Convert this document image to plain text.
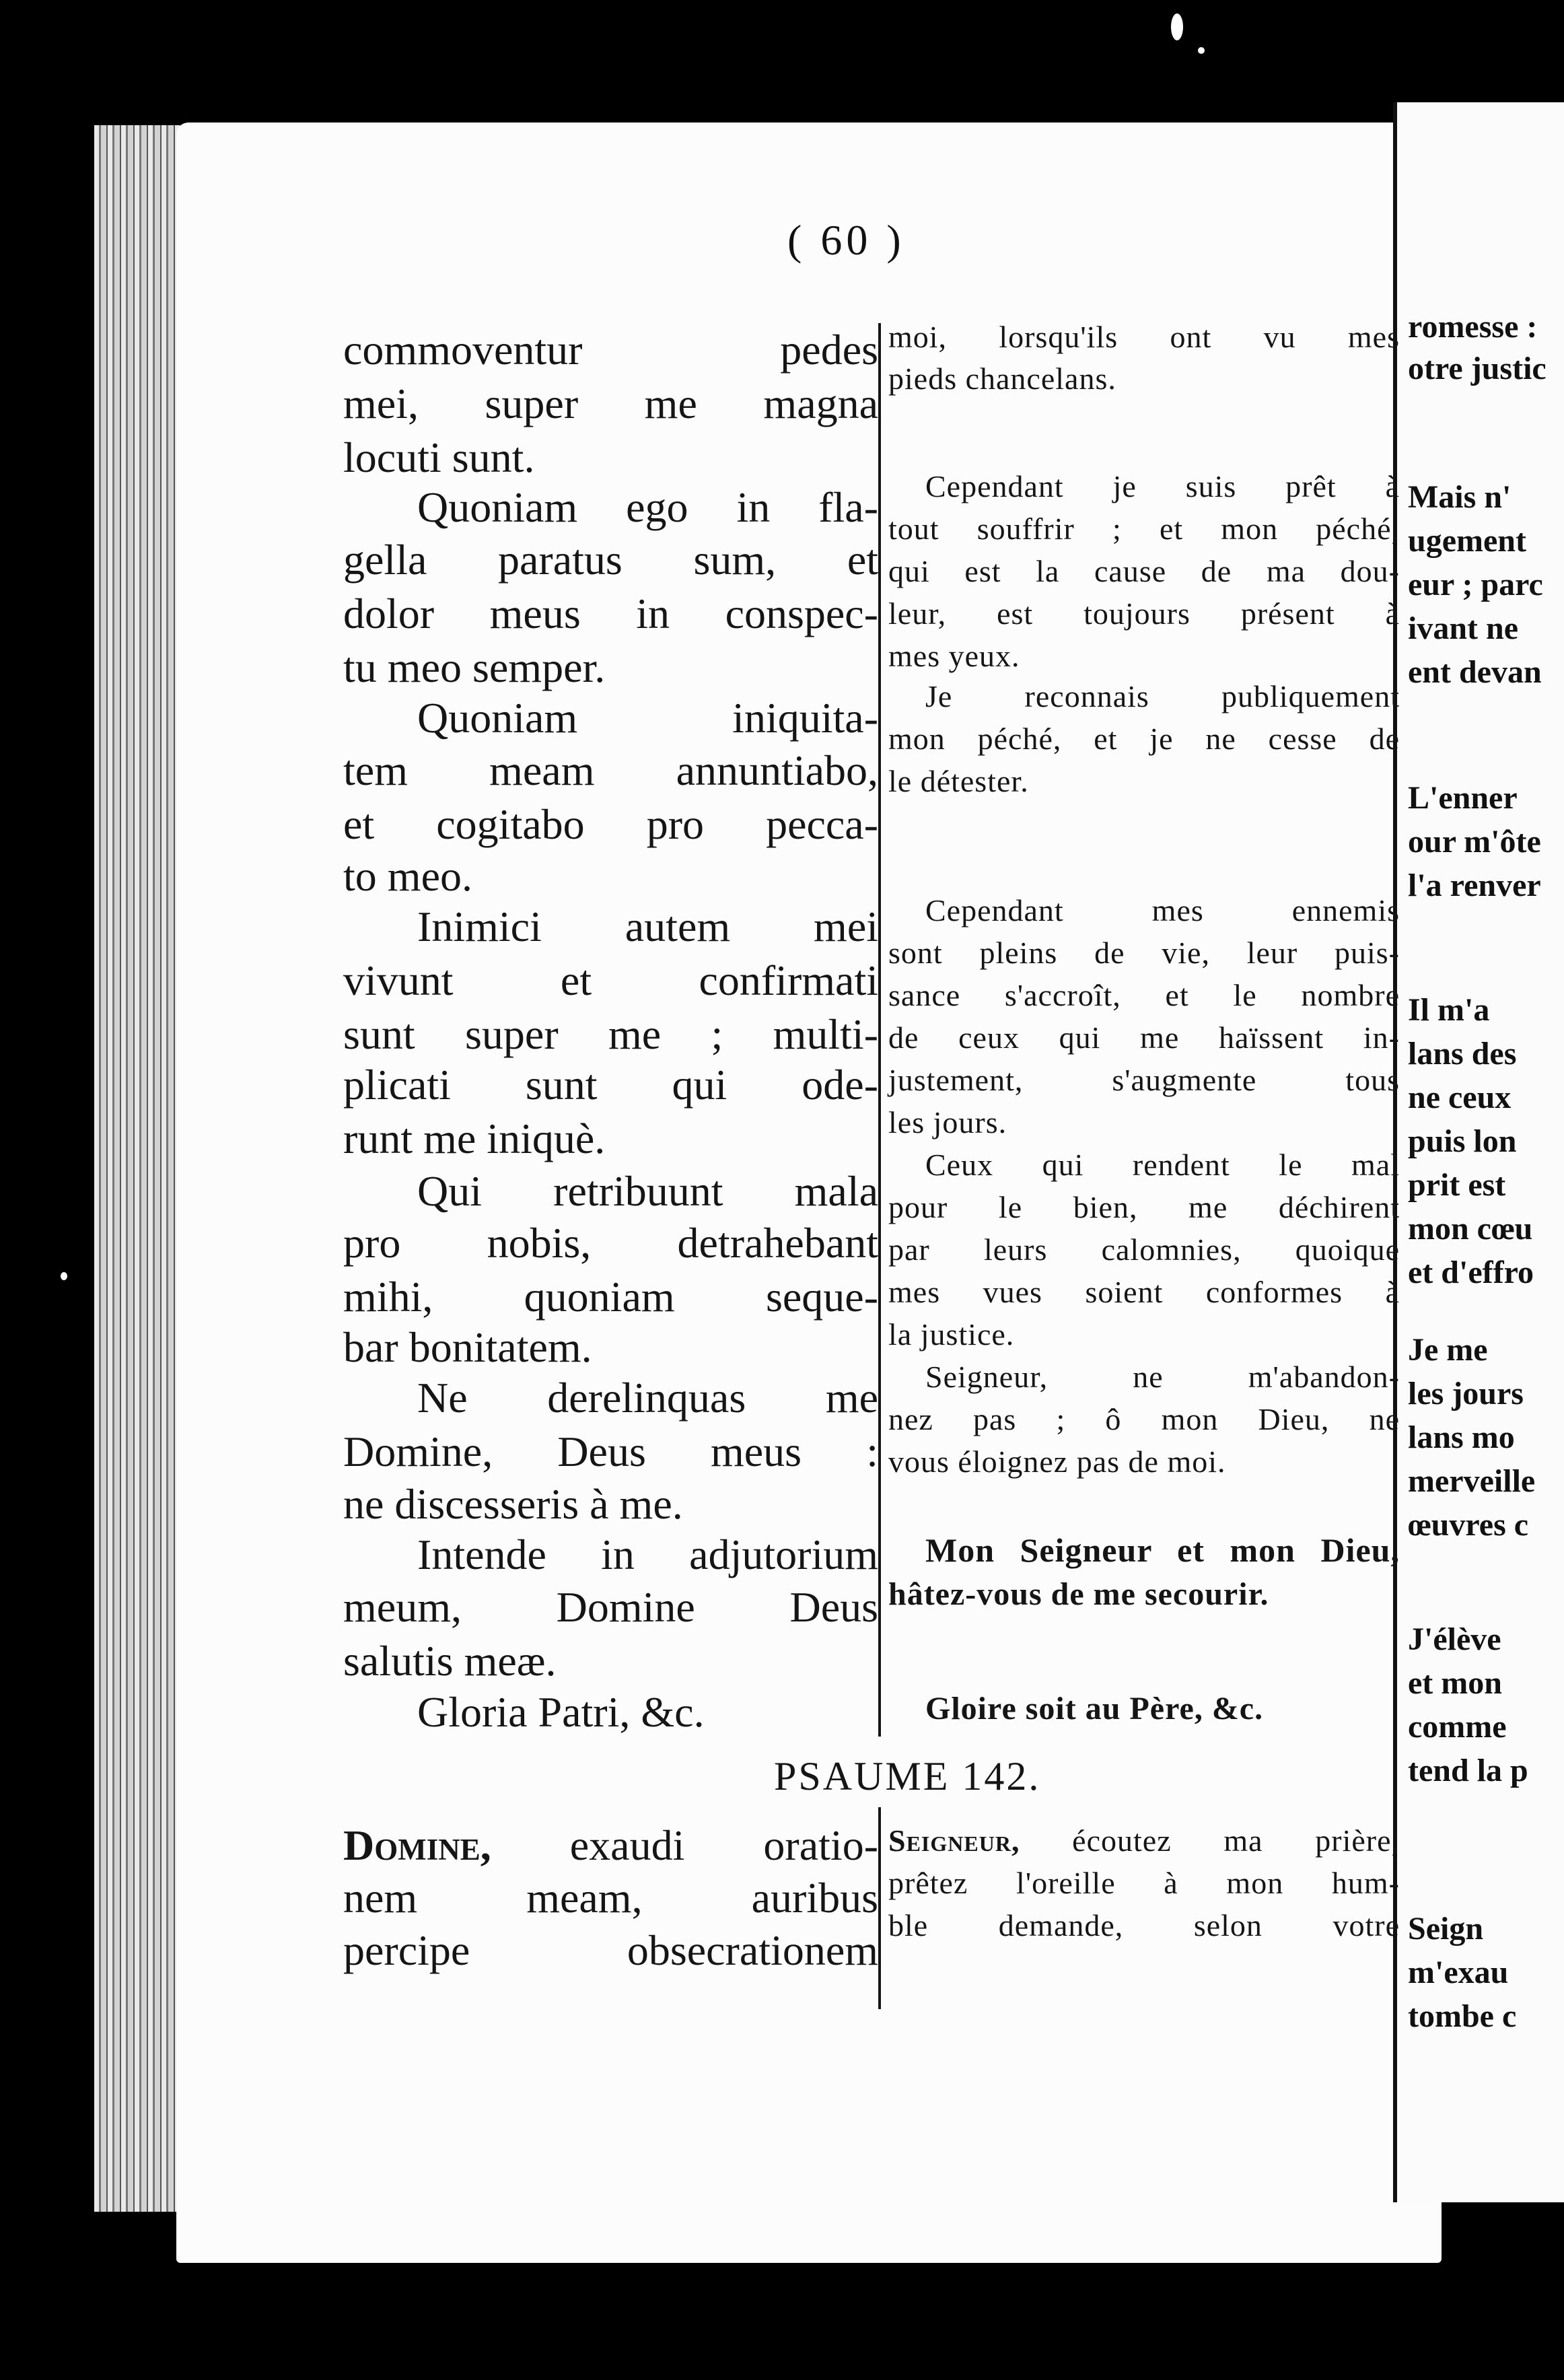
romesse :
otre justic
Mais n'
ugement
eur ; parc
ivant ne
ent devan
L'enner
our m'ôte
l'a renver
Il m'a
lans des
ne ceux
puis lon
prit est
mon cœu
et d'effro
Je me
les jours
lans mo
merveille
œuvres c
J'élève
et mon
comme
tend la p
Seign
m'exau
tombe c
( 60 )

commoventur pedes

mei, super me magna

locuti sunt.

Quoniam ego in fla-

gella paratus sum, et

dolor meus in conspec-

tu meo semper.

Quoniam iniquita-

tem meam annuntiabo,

et cogitabo pro pecca-

to meo.

Inimici autem mei

vivunt et confirmati

sunt super me ; multi-

plicati sunt qui ode-

runt me iniquè.

Qui retribuunt mala

pro nobis, detrahebant

mihi, quoniam seque-

bar bonitatem.

Ne derelinquas me

Domine, Deus meus :

ne discesseris à me.

Intende in adjutorium

meum, Domine Deus

salutis meæ.

Gloria Patri, &c.

moi, lorsqu'ils ont vu mes

pieds chancelans.

Cependant je suis prêt à

tout souffrir ; et mon péché,

qui est la cause de ma dou-

leur, est toujours présent à

mes yeux.

Je reconnais publiquement

mon péché, et je ne cesse de

le détester.

Cependant mes ennemis

sont pleins de vie, leur puis-

sance s'accroît, et le nombre

de ceux qui me haïssent in-

justement, s'augmente tous

les jours.

Ceux qui rendent le mal

pour le bien, me déchirent

par leurs calomnies, quoique

mes vues soient conformes à

la justice.

Seigneur, ne m'abandon-

nez pas ; ô mon Dieu, ne

vous éloignez pas de moi.

Mon Seigneur et mon Dieu,

hâtez-vous de me secourir.

Gloire soit au Père, &c.

PSAUME 142.

Domine, exaudi oratio-

nem meam, auribus

percipe obsecrationem

Seigneur, écoutez ma prière,

prêtez l'oreille à mon hum-

ble demande, selon votre
